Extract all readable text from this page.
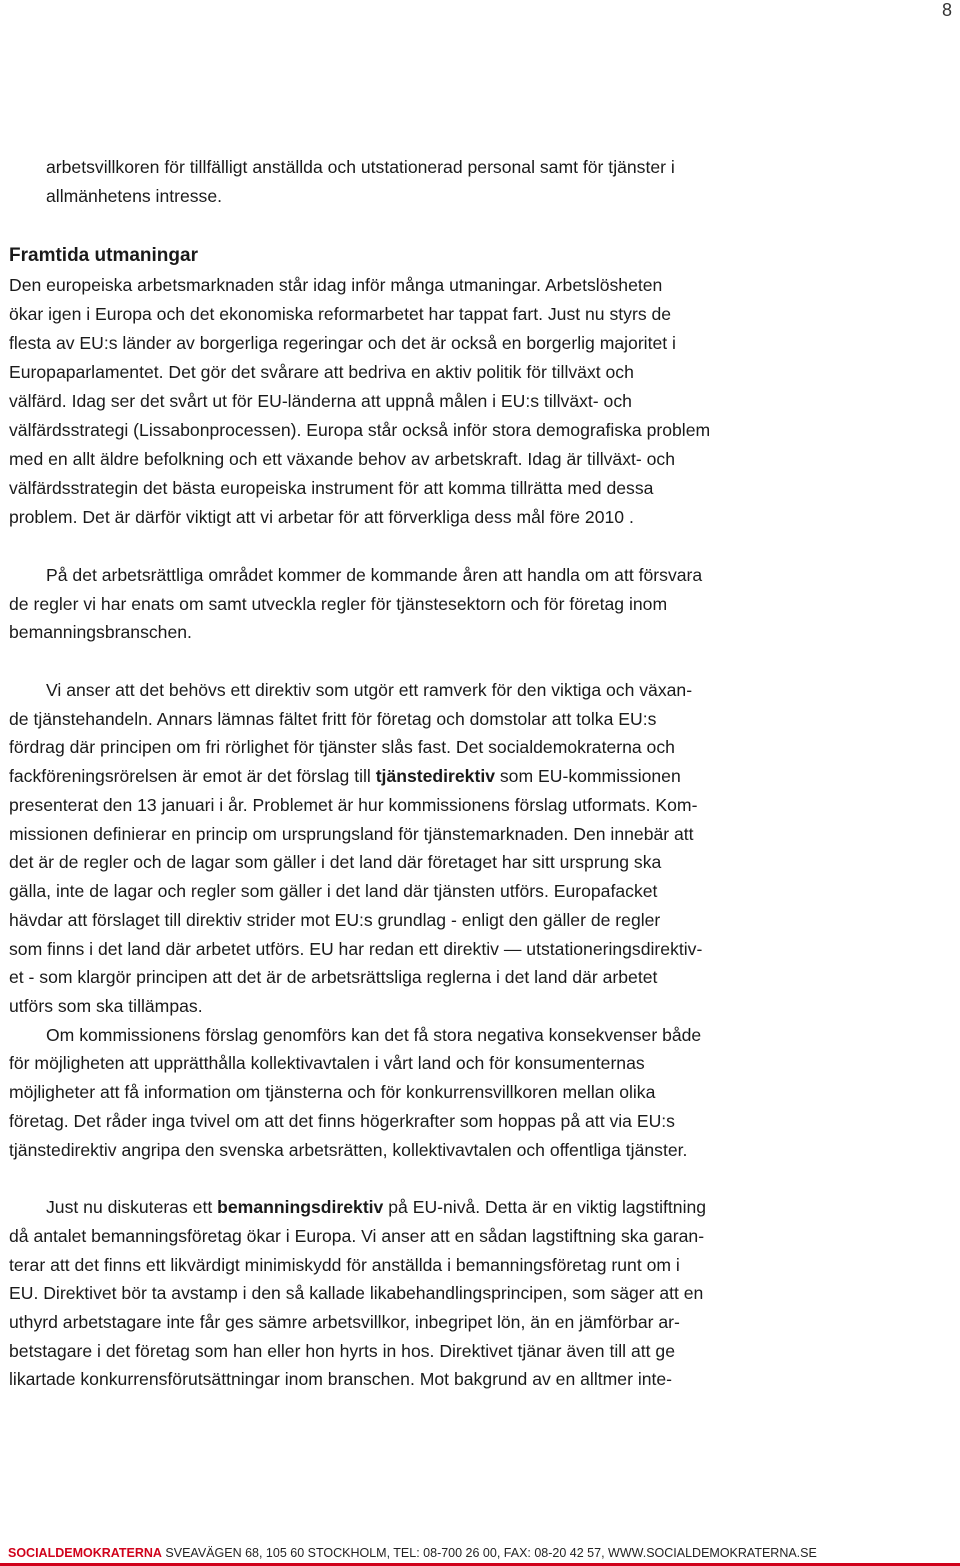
8
arbetsvillkoren för tillfälligt anställda och utstationerad personal samt för tjänster i
allmänhetens intresse.
Framtida utmaningar
Den europeiska arbetsmarknaden står idag inför många utmaningar. Arbetslösheten
ökar igen i Europa och det ekonomiska reformarbetet har tappat fart. Just nu styrs de
flesta av EU:s länder av borgerliga regeringar och det är också en borgerlig majoritet i
Europaparlamentet. Det gör det svårare att bedriva en aktiv politik för tillväxt och
välfärd. Idag ser det svårt ut för EU-länderna att uppnå målen i EU:s tillväxt- och
välfärdsstrategi (Lissabonprocessen). Europa står också inför stora demografiska problem
med en allt äldre befolkning och ett växande behov av arbetskraft. Idag är tillväxt- och
välfärdsstrategin det bästa europeiska instrument för att komma tillrätta med dessa
problem. Det är därför viktigt att vi arbetar för att förverkliga dess mål före 2010 .
På det arbetsrättliga området kommer de kommande åren att handla om att försvara
de regler vi har enats om samt utveckla regler för tjänstesektorn och för företag inom
bemanningsbranschen.
Vi anser att det behövs ett direktiv som utgör ett ramverk för den viktiga och växan-
de tjänstehandeln. Annars lämnas fältet fritt för företag och domstolar att tolka EU:s
fördrag där principen om fri rörlighet för tjänster slås fast. Det socialdemokraterna och
fackföreningsrörelsen är emot är det förslag till tjänstedirektiv som EU-kommissionen
presenterat den 13 januari i år. Problemet är hur kommissionens förslag utformats. Kom-
missionen definierar en princip om ursprungsland för tjänstemarknaden. Den innebär att
det är de regler och de lagar som gäller i det land där företaget har sitt ursprung ska
gälla, inte de lagar och regler som gäller i det land där tjänsten utförs. Europafacket
hävdar att förslaget till direktiv strider mot EU:s grundlag - enligt den gäller de regler
som finns i det land där arbetet utförs. EU har redan ett direktiv — utstationeringsdirektiv-
et - som klargör principen att det är de arbetsrättsliga reglerna i det land där arbetet
utförs som ska tillämpas.
Om kommissionens förslag genomförs kan det få stora negativa konsekvenser både
för möjligheten att upprätthålla kollektivavtalen i vårt land och för konsumenternas
möjligheter att få information om tjänsterna och för konkurrensvillkoren mellan olika
företag. Det råder inga tvivel om att det finns högerkrafter som hoppas på att via EU:s
tjänstedirektiv angripa den svenska arbetsrätten, kollektivavtalen och offentliga tjänster.
Just nu diskuteras ett bemanningsdirektiv på EU-nivå. Detta är en viktig lagstiftning
då antalet bemanningsföretag ökar i Europa. Vi anser att en sådan lagstiftning ska garan-
terar att det finns ett likvärdigt minimiskydd för anställda i bemanningsföretag runt om i
EU. Direktivet bör ta avstamp i den så kallade likabehandlingsprincipen, som säger att en
uthyrd arbetstagare inte får ges sämre arbetsvillkor, inbegripet lön, än en jämförbar ar-
betstagare i det företag som han eller hon hyrts in hos. Direktivet tjänar även till att ge
likartade konkurrensförutsättningar inom branschen. Mot bakgrund av en alltmer inte-
SOCIALDEMOKRATERNA SVEAVÄGEN 68, 105 60 STOCKHOLM, TEL: 08-700 26 00, FAX: 08-20 42 57, WWW.SOCIALDEMOKRATERNA.SE
